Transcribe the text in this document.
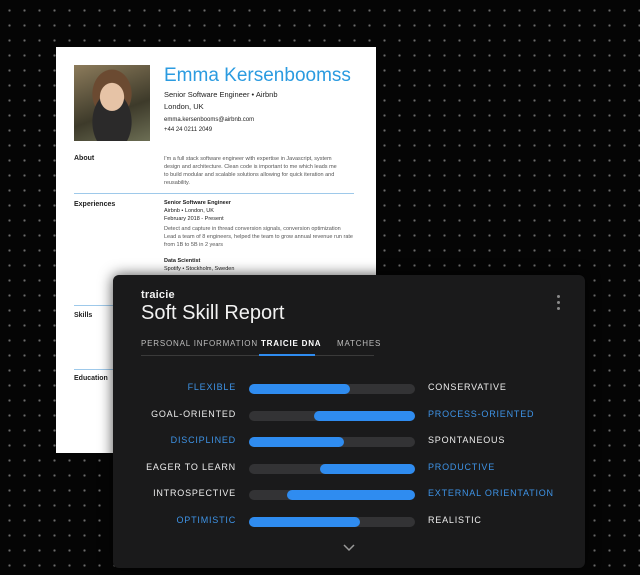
Emma Kersenboomss
Senior Software Engineer • Airbnb
London, UK
emma.kersenbooms@airbnb.com
+44 24 0211 2049
About	I'm a full stack software engineer with expertise in Javascript, system
design and architecture. Clean code is important to me which leads me
to build modular and scalable solutions allowing for quick iteration and
reusability.
Experiences	Senior Software Engineer
Airbnb • London, UK
February 2018 - Present
Detect and capture in thread conversion signals, conversion optimization
Lead a team of 8 engineers, helped the team to grow annual revenue run rate
from 1B to 5B in 2 years
Data Scientist
Spotify • Stockholm, Sweden
Skills
Education
traicie
Soft Skill Report
PERSONAL INFORMATION TRAICIE DNA MATCHES
FLEXIBLE	CONSERVATIVE
GOAL-ORIENTED	PROCESS-ORIENTED
DISCIPLINED	SPONTANEOUS
EAGER TO LEARN	PRODUCTIVE
INTROSPECTIVE	EXTERNAL ORIENTATION
OPTIMISTIC	REALISTIC
